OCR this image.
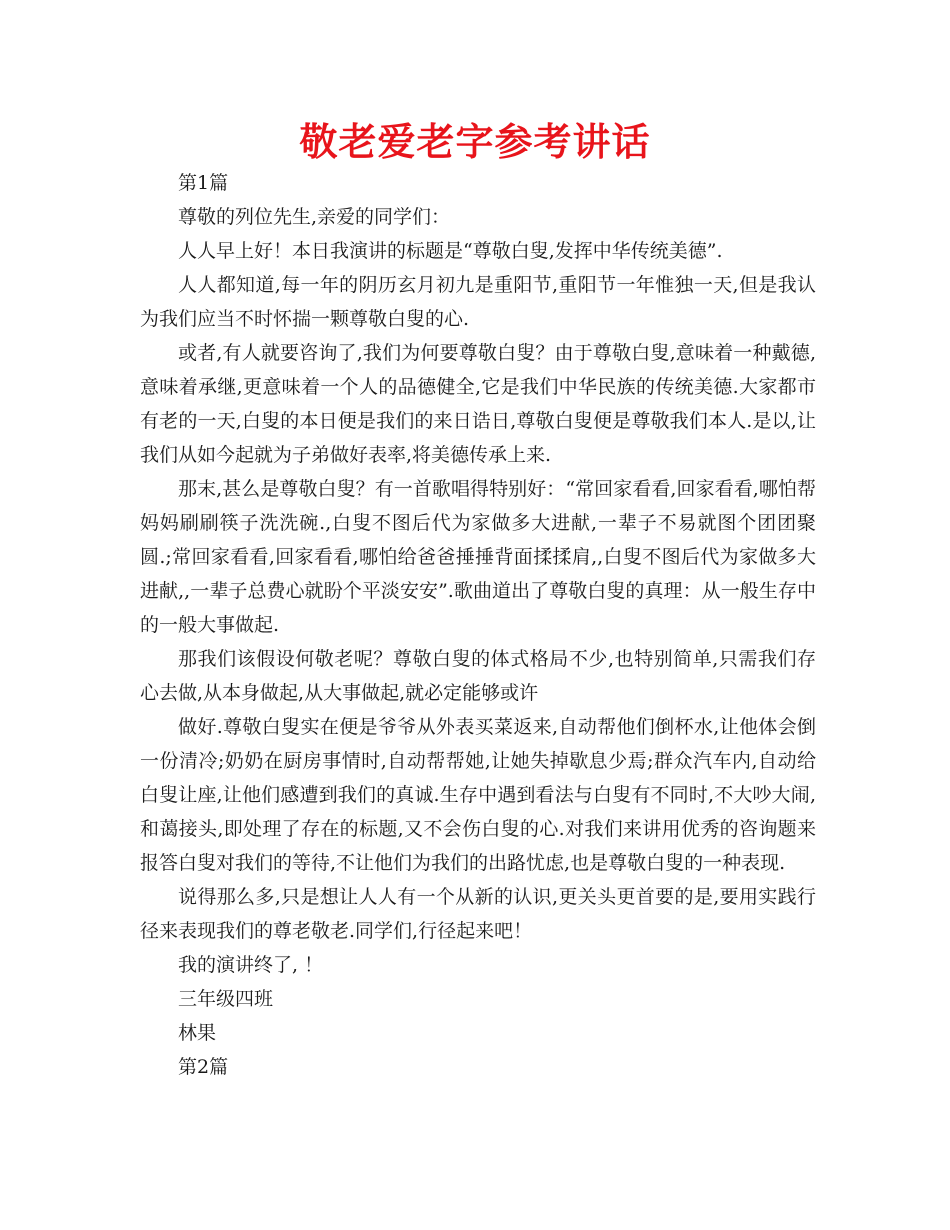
敬老爱老字参考讲话

第1篇

尊敬的列位先生,亲爱的同学们：

人人早上好！本日我演讲的标题是“尊敬白叟,发挥中华传统美德”.

人人都知道,每一年的阴历玄月初九是重阳节,重阳节一年惟独一天,但是我认为我们应当不时怀揣一颗尊敬白叟的心.

或者,有人就要咨询了,我们为何要尊敬白叟？由于尊敬白叟,意味着一种戴德,意味着承继,更意味着一个人的品德健全,它是我们中华民族的传统美德.大家都市有老的一天,白叟的本日便是我们的来日诰日,尊敬白叟便是尊敬我们本人.是以,让我们从如今起就为子弟做好表率,将美德传承上来.

那末,甚么是尊敬白叟？有一首歌唱得特别好：“常回家看看,回家看看,哪怕帮妈妈刷刷筷子洗洗碗.,白叟不图后代为家做多大进献,一辈子不易就图个团团聚圆.;常回家看看,回家看看,哪怕给爸爸捶捶背面揉揉肩,,白叟不图后代为家做多大进献,,一辈子总费心就盼个平淡安安”.歌曲道出了尊敬白叟的真理：从一般生存中的一般大事做起.

那我们该假设何敬老呢？尊敬白叟的体式格局不少,也特别简单,只需我们存心去做,从本身做起,从大事做起,就必定能够或许

做好.尊敬白叟实在便是爷爷从外表买菜返来,自动帮他们倒杯水,让他体会倒一份清冷;奶奶在厨房事情时,自动帮帮她,让她失掉歇息少焉;群众汽车内,自动给白叟让座,让他们感遭到我们的真诚.生存中遇到看法与白叟有不同时,不大吵大闹,和蔼接头,即处理了存在的标题,又不会伤白叟的心.对我们来讲用优秀的咨询题来报答白叟对我们的等待,不让他们为我们的出路忧虑,也是尊敬白叟的一种表现.

说得那么多,只是想让人人有一个从新的认识,更关头更首要的是,要用实践行径来表现我们的尊老敬老.同学们,行径起来吧！

我的演讲终了, ！

三年级四班

林果

第2篇
